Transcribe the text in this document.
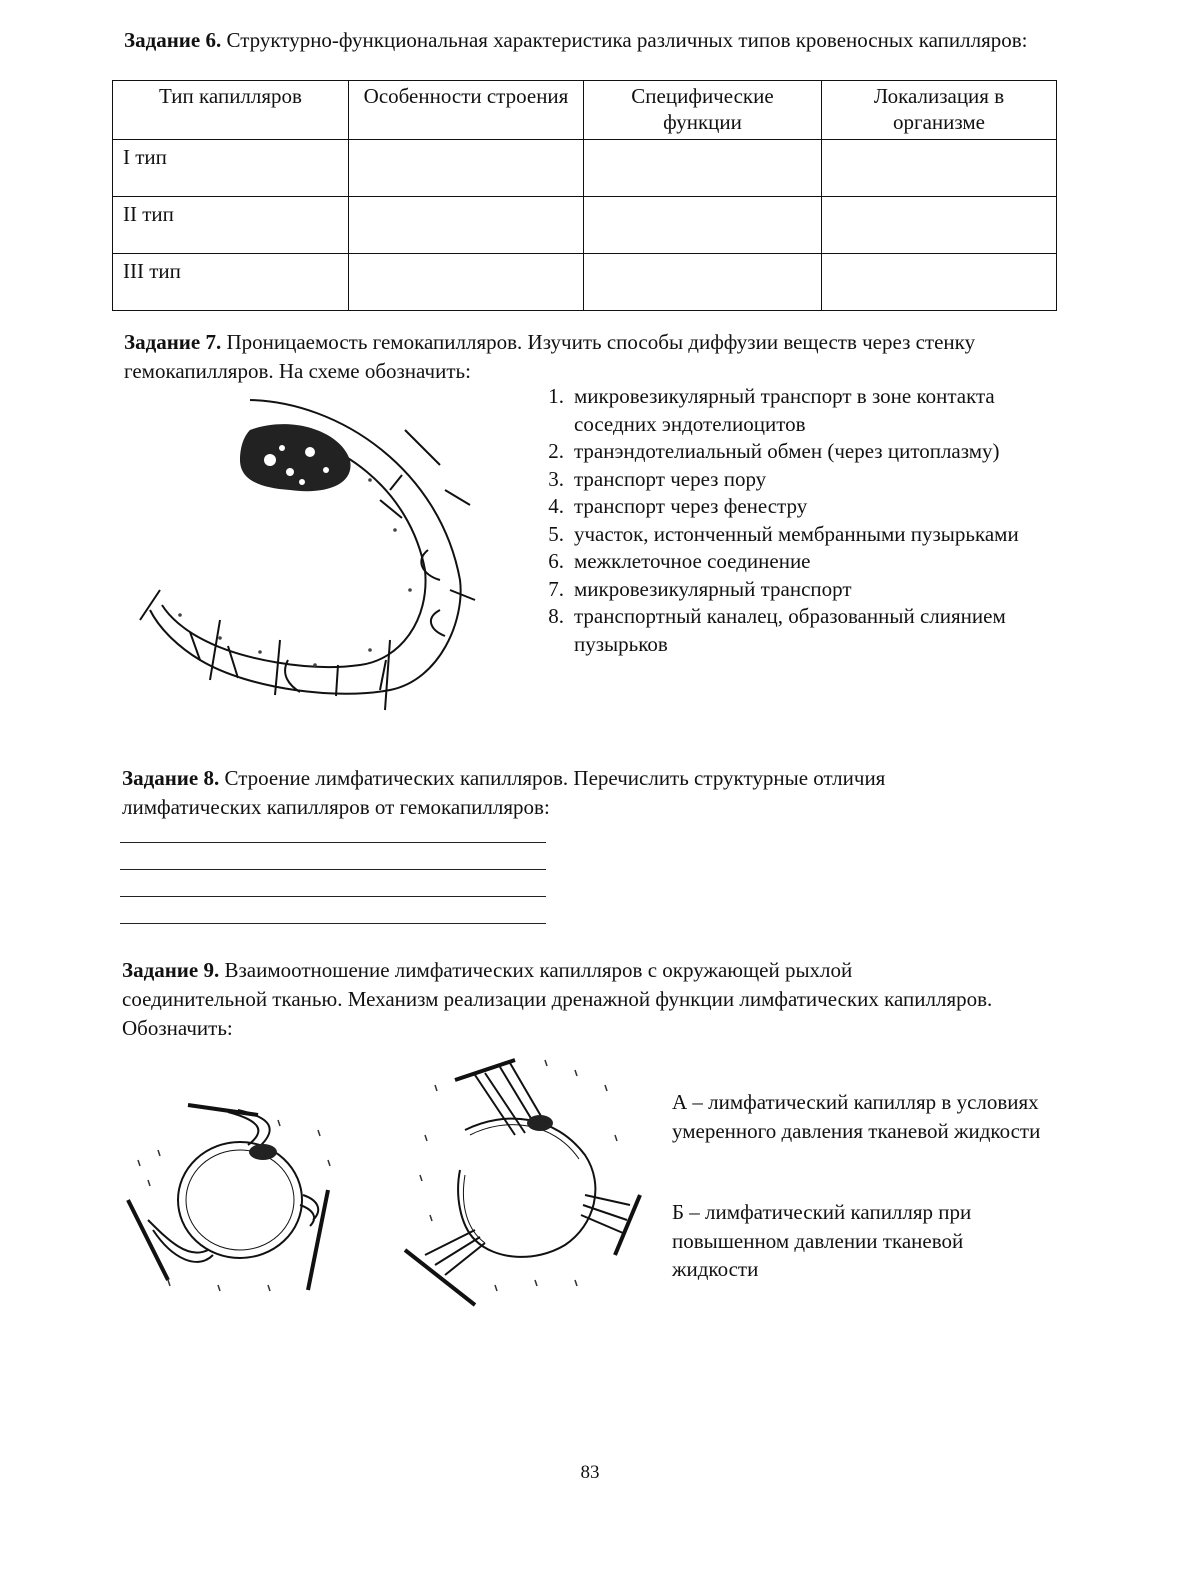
Задание 6. Структурно-функциональная характеристика различных типов кровеносных капилляров:
Тип капилляров	Особенности строения	Специфические функции	Локализация в организме
I тип			
II тип			
III тип			
Задание 7. Проницаемость гемокапилляров. Изучить способы диффузии веществ через стенку гемокапилляров. На схеме обозначить:
1. микровезикулярный транспорт в зоне контакта соседних эндотелиоцитов
2. транэндотелиальный обмен (через цитоплазму)
3. транспорт через пору
4. транспорт через фенестру
5. участок, истонченный мембранными пузырьками
6. межклеточное соединение
7. микровезикулярный транспорт
8. транспортный каналец, образованный слиянием пузырьков
Задание 8. Строение лимфатических капилляров. Перечислить структурные отличия лимфатических капилляров от гемокапилляров:
Задание 9. Взаимоотношение лимфатических капилляров с окружающей рыхлой соединительной тканью. Механизм реализации дренажной функции лимфатических капилляров. Обозначить:
А – лимфатический капилляр в условиях умеренного давления тканевой жидкости
Б – лимфатический капилляр при повышенном давлении тканевой жидкости
83
